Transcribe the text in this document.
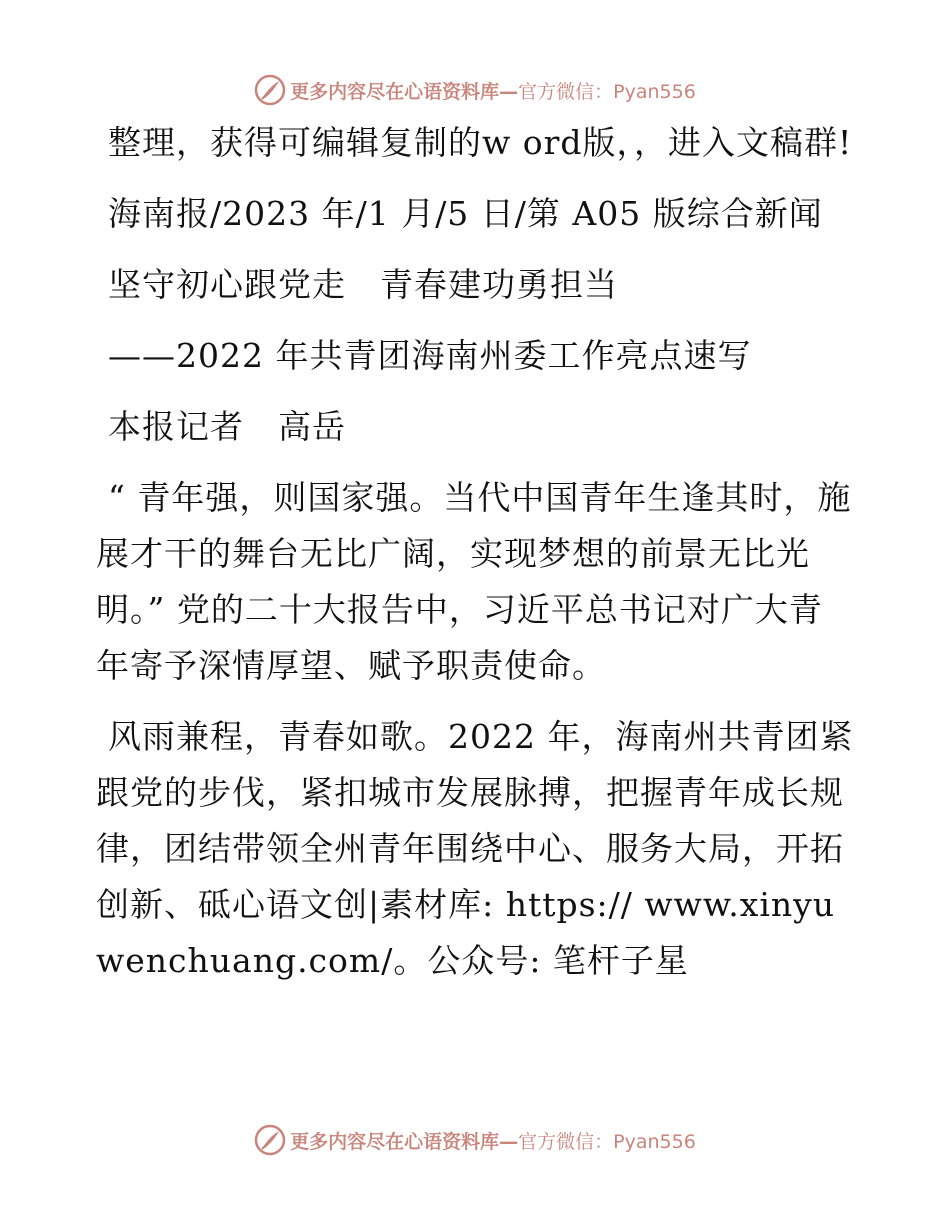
更多内容尽在心语资料库— 官方微信：Pyan556

整理，获得可编辑复制的w ord版，，进入文稿群!

海南报/2023 年/1 月/5 日/第 A05 版综合新闻

坚守初心跟党走　青春建功勇担当

——2022 年共青团海南州委工作亮点速写

本报记者　高岳

“ 青年强，则国家强。当代中国青年生逢其时，施展才干的舞台无比广阔，实现梦想的前景无比光明。” 党的二十大报告中，习近平总书记对广大青年寄予深情厚望、赋予职责使命。

风雨兼程，青春如歌。2022 年，海南州共青团紧跟党的步伐，紧扣城市发展脉搏，把握青年成长规律，团结带领全州青年围绕中心、服务大局，开拓创新、砥心语文创|素材库: https:// www.xinyuwenchuang.com/。公众号: 笔杆子星

更多内容尽在心语资料库— 官方微信：Pyan556
